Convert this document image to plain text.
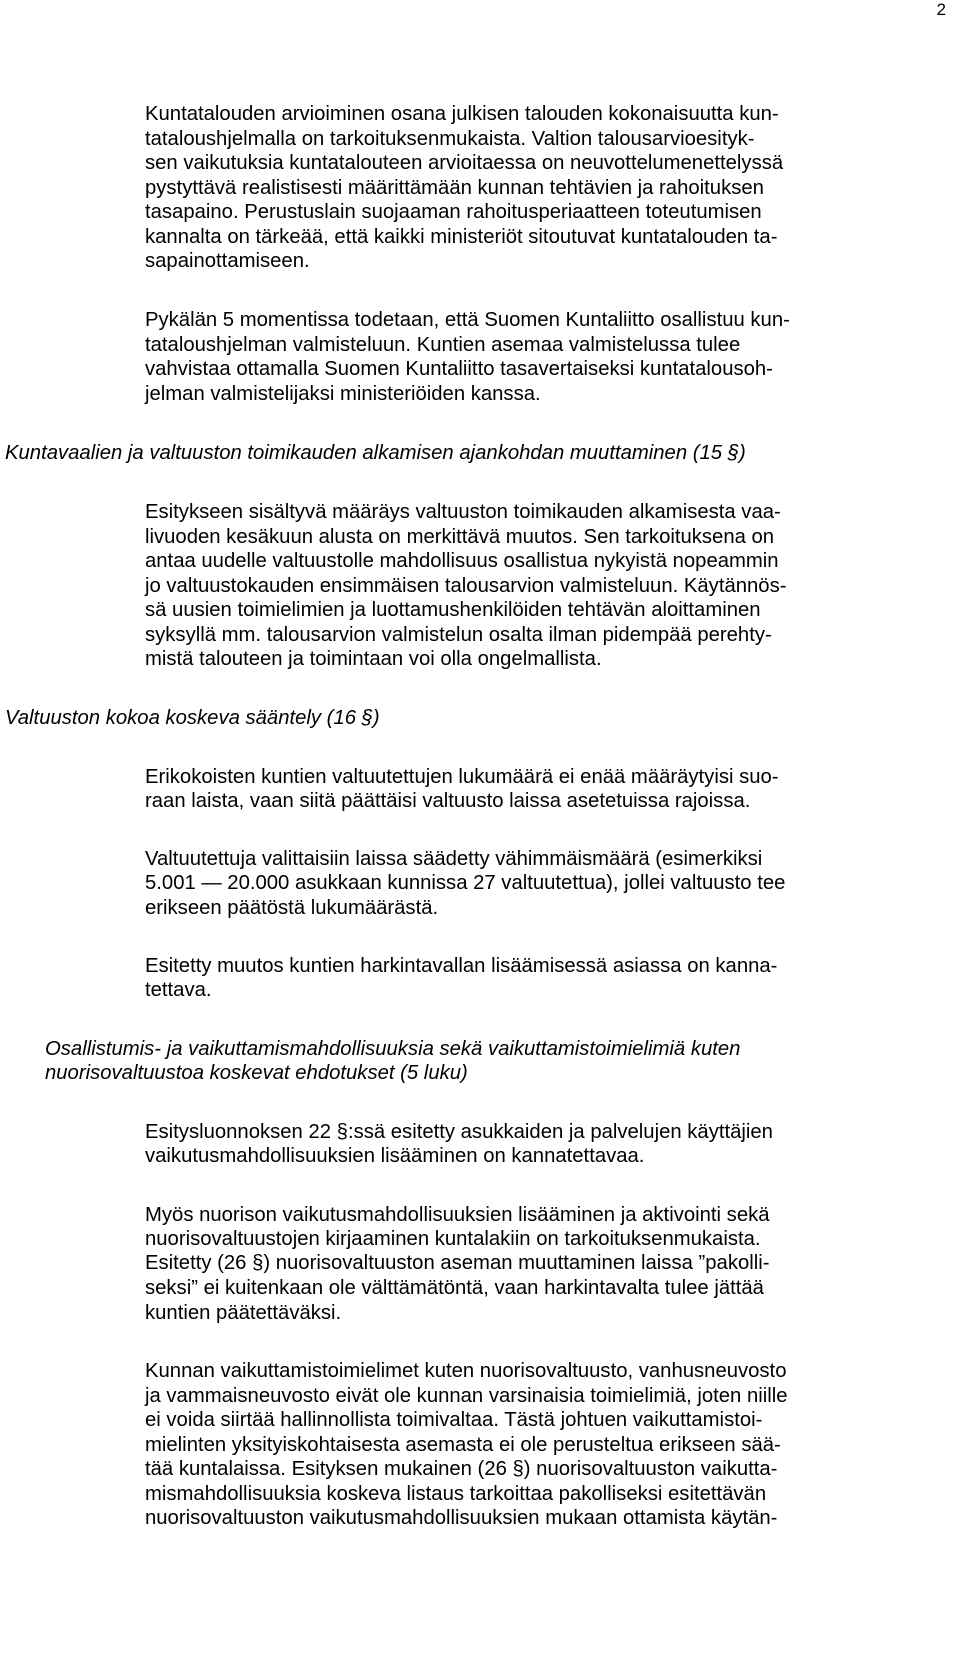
2
Kuntatalouden arvioiminen osana julkisen talouden kokonaisuutta kun-
tataloushjelmalla on tarkoituksenmukaista. Valtion talousarvioesityk-
sen vaikutuksia kuntatalouteen arvioitaessa on neuvottelumenettelyssä
pystyttävä realistisesti määrittämään kunnan tehtävien ja rahoituksen
tasapaino. Perustuslain suojaaman rahoitusperiaatteen toteutumisen
kannalta on tärkeää, että kaikki ministeriöt sitoutuvat kuntatalouden ta-
sapainottamiseen.
Pykälän 5 momentissa todetaan, että Suomen Kuntaliitto osallistuu kun-
tataloushjelman valmisteluun. Kuntien asemaa valmistelussa tulee
vahvistaa ottamalla Suomen Kuntaliitto tasavertaiseksi kuntatalousoh-
jelman valmistelijaksi ministeriöiden kanssa.
Kuntavaalien ja valtuuston toimikauden alkamisen ajankohdan muuttaminen (15 §)
Esitykseen sisältyvä määräys valtuuston toimikauden alkamisesta vaa-
livuoden kesäkuun alusta on merkittävä muutos. Sen tarkoituksena on
antaa uudelle valtuustolle mahdollisuus osallistua nykyistä nopeammin
jo valtuustokauden ensimmäisen talousarvion valmisteluun. Käytännös-
sä uusien toimielimien ja luottamushenkilöiden tehtävän aloittaminen
syksyllä mm. talousarvion valmistelun osalta ilman pidempää perehty-
mistä talouteen ja toimintaan voi olla ongelmallista.
Valtuuston kokoa koskeva sääntely (16 §)
Erikokoisten kuntien valtuutettujen lukumäärä ei enää määräytyisi suo-
raan laista, vaan siitä päättäisi valtuusto laissa asetetuissa rajoissa.
Valtuutettuja valittaisiin laissa säädetty vähimmäismäärä (esimerkiksi
5.001 — 20.000 asukkaan kunnissa 27 valtuutettua), jollei valtuusto tee
erikseen päätöstä lukumäärästä.
Esitetty muutos kuntien harkintavallan lisäämisessä asiassa on kanna-
tettava.
Osallistumis- ja vaikuttamismahdollisuuksia sekä vaikuttamistoimielimiä kuten
nuorisovaltuustoa koskevat ehdotukset (5 luku)
Esitysluonnoksen 22 §:ssä esitetty asukkaiden ja palvelujen käyttäjien
vaikutusmahdollisuuksien lisääminen on kannatettavaa.
Myös nuorison vaikutusmahdollisuuksien lisääminen ja aktivointi sekä
nuorisovaltuustojen kirjaaminen kuntalakiin on tarkoituksenmukaista.
Esitetty (26 §) nuorisovaltuuston aseman muuttaminen laissa ”pakolli-
seksi” ei kuitenkaan ole välttämätöntä, vaan harkintavalta tulee jättää
kuntien päätettäväksi.
Kunnan vaikuttamistoimielimet kuten nuorisovaltuusto, vanhusneuvosto
ja vammaisneuvosto eivät ole kunnan varsinaisia toimielimiä, joten niille
ei voida siirtää hallinnollista toimivaltaa. Tästä johtuen vaikuttamistoi-
mielinten yksityiskohtaisesta asemasta ei ole perusteltua erikseen sää-
tää kuntalaissa. Esityksen mukainen (26 §) nuorisovaltuuston vaikutta-
mismahdollisuuksia koskeva listaus tarkoittaa pakolliseksi esitettävän
nuorisovaltuuston vaikutusmahdollisuuksien mukaan ottamista käytän-
